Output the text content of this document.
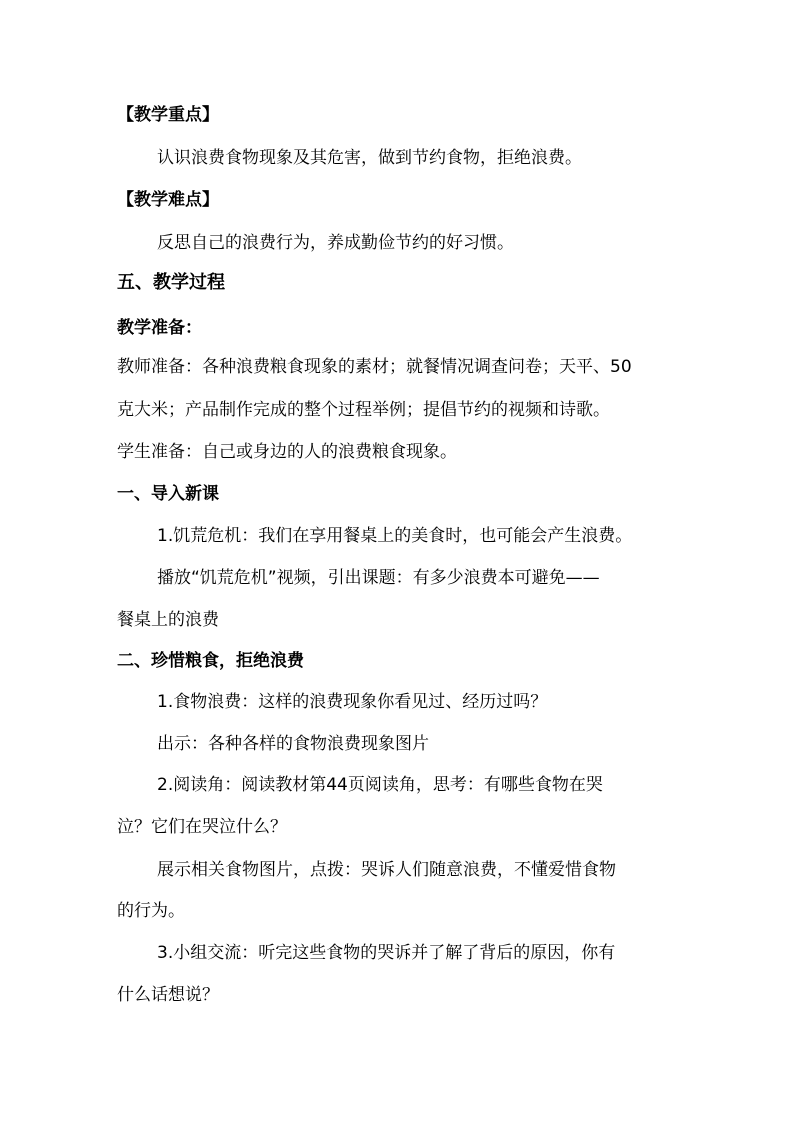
【教学重点】
认识浪费食物现象及其危害，做到节约食物，拒绝浪费。
【教学难点】
反思自己的浪费行为，养成勤俭节约的好习惯。
五、教学过程
教学准备：
教师准备：各种浪费粮食现象的素材；就餐情况调查问卷；天平、50
克大米；产品制作完成的整个过程举例；提倡节约的视频和诗歌。
学生准备：自己或身边的人的浪费粮食现象。
一、导入新课
1.饥荒危机：我们在享用餐桌上的美食时，也可能会产生浪费。
播放“饥荒危机”视频，引出课题：有多少浪费本可避免——
餐桌上的浪费
二、珍惜粮食，拒绝浪费
1.食物浪费：这样的浪费现象你看见过、经历过吗？
出示：各种各样的食物浪费现象图片
2.阅读角：阅读教材第44页阅读角，思考：有哪些食物在哭
泣？它们在哭泣什么？
展示相关食物图片，点拨：哭诉人们随意浪费，不懂爱惜食物
的行为。
3.小组交流：听完这些食物的哭诉并了解了背后的原因，你有
什么话想说？
